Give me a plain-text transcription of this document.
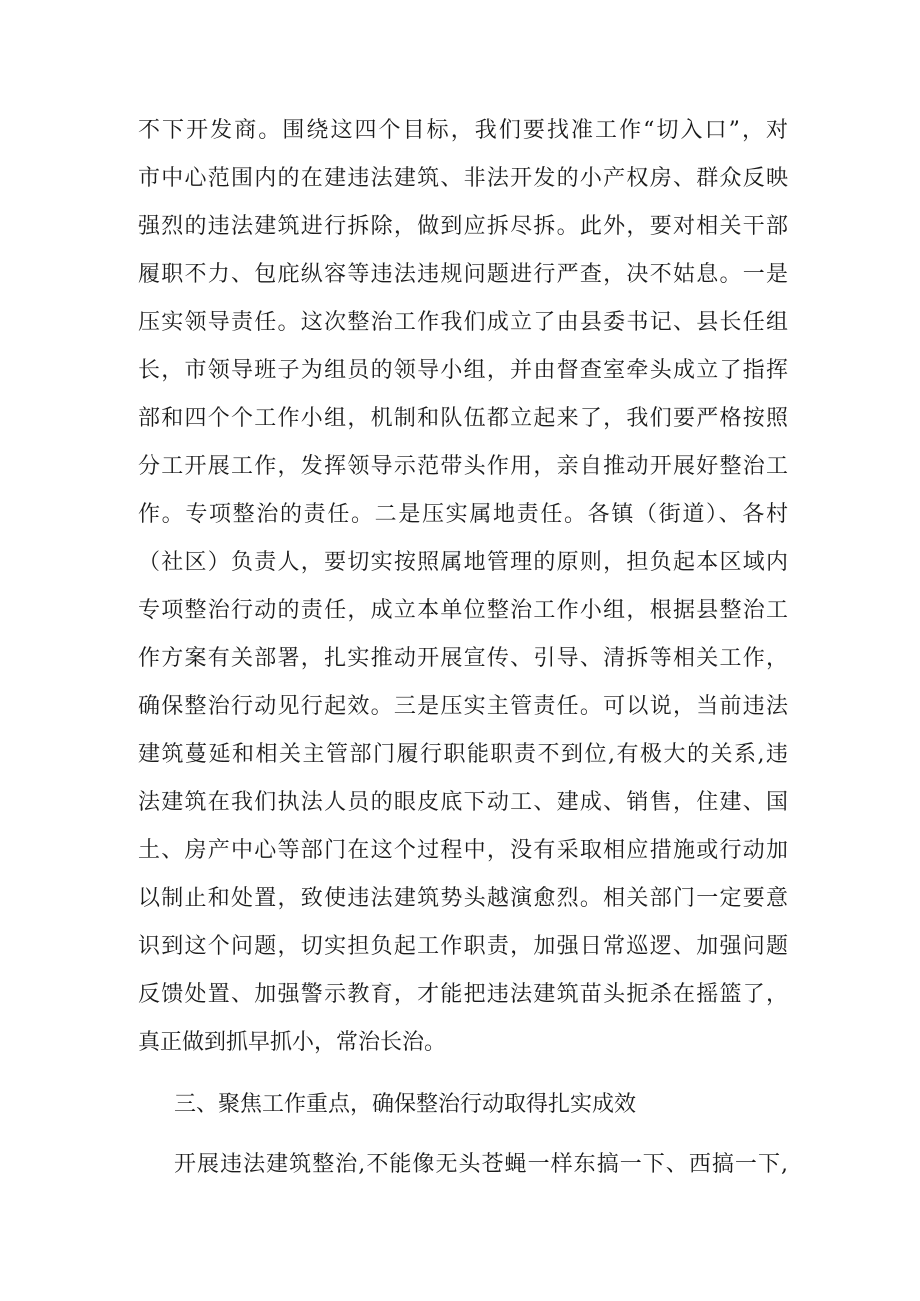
不下开发商。围绕这四个目标，我们要找准工作“切入口”，对
市中心范围内的在建违法建筑、非法开发的小产权房、群众反映
强烈的违法建筑进行拆除，做到应拆尽拆。此外，要对相关干部
履职不力、包庇纵容等违法违规问题进行严查，决不姑息。一是
压实领导责任。这次整治工作我们成立了由县委书记、县长任组
长，市领导班子为组员的领导小组，并由督查室牵头成立了指挥
部和四个个工作小组，机制和队伍都立起来了，我们要严格按照
分工开展工作，发挥领导示范带头作用，亲自推动开展好整治工
作。专项整治的责任。二是压实属地责任。各镇（街道）、各村
（社区）负责人，要切实按照属地管理的原则，担负起本区域内
专项整治行动的责任，成立本单位整治工作小组，根据县整治工
作方案有关部署，扎实推动开展宣传、引导、清拆等相关工作，
确保整治行动见行起效。三是压实主管责任。可以说，当前违法
建筑蔓延和相关主管部门履行职能职责不到位,有极大的关系,违
法建筑在我们执法人员的眼皮底下动工、建成、销售，住建、国
土、房产中心等部门在这个过程中，没有采取相应措施或行动加
以制止和处置，致使违法建筑势头越演愈烈。相关部门一定要意
识到这个问题，切实担负起工作职责，加强日常巡逻、加强问题
反馈处置、加强警示教育，才能把违法建筑苗头扼杀在摇篮了，
真正做到抓早抓小，常治长治。
三、聚焦工作重点，确保整治行动取得扎实成效
开展违法建筑整治,不能像无头苍蝇一样东搞一下、西搞一下,
